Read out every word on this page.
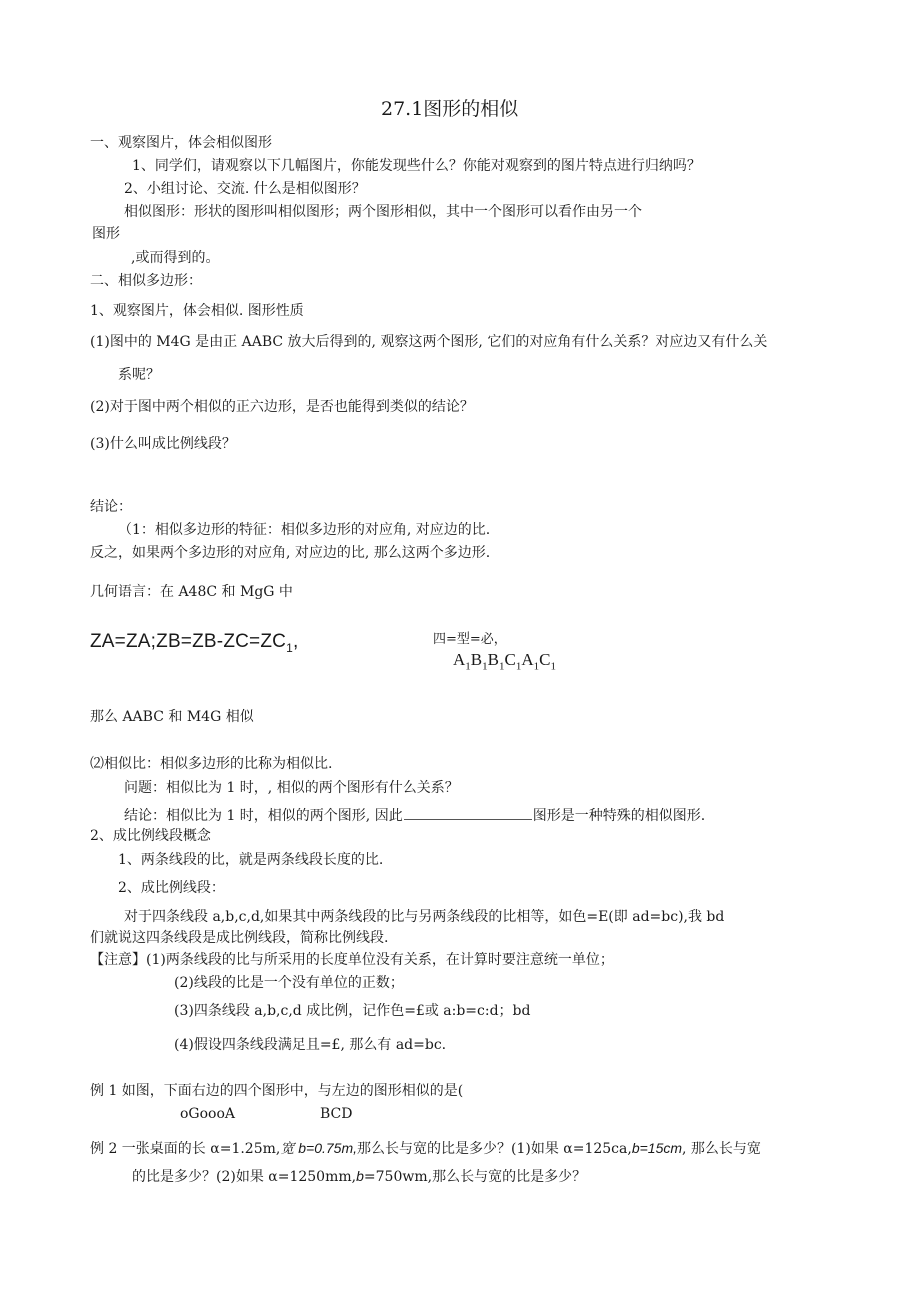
27.1图形的相似
一、观察图片，体会相似图形
1、同学们，请观察以下几幅图片，你能发现些什么？你能对观察到的图片特点进行归纳吗？
2、小组讨论、交流. 什么是相似图形？
相似图形：形状的图形叫相似图形；两个图形相似，其中一个图形可以看作由另一个
图形
,或而得到的。
二、相似多边形：
1、观察图片，体会相似. 图形性质
(1)图中的 M4G 是由正 AABC 放大后得到的, 观察这两个图形, 它们的对应角有什么关系？对应边又有什么关
系呢？
(2)对于图中两个相似的正六边形，是否也能得到类似的结论？
(3)什么叫成比例线段？
结论：
（1：相似多边形的特征：相似多边形的对应角, 对应边的比.
反之，如果两个多边形的对应角, 对应边的比, 那么这两个多边形.
几何语言：在 A48C 和 MgG 中
$ZA=ZA;ZB=ZB-ZC=ZC_1$,	四=型=必，
$A_1B_1B_1C_1A_1C_1$
那么 AABC 和 M4G 相似
⑵相似比：相似多边形的比称为相似比.
问题：相似比为 1 时，, 相似的两个图形有什么关系？
结论：相似比为 1 时，相似的两个图形, 因此	图形是一种特殊的相似图形.
2、成比例线段概念
1、两条线段的比，就是两条线段长度的比.
2、成比例线段：
对于四条线段 a,b,c,d,如果其中两条线段的比与另两条线段的比相等，如色=E(即 ad=bc),我 bd
们就说这四条线段是成比例线段，简称比例线段.
【注意】(1)两条线段的比与所采用的长度单位没有关系，在计算时要注意统一单位；
(2)线段的比是一个没有单位的正数；
(3)四条线段 a,b,c,d 成比例，记作色=£或 a:b=c:d；bd
(4)假设四条线段满足且=£, 那么有 ad=bc.
例 1 如图，下面右边的四个图形中，与左边的图形相似的是(
oGoooA	BCD
例 2 一张桌面的长 α=1.25m,宽 b=0.75m,那么长与宽的比是多少？(1)如果 α=125ca,b=15cm, 那么长与宽
的比是多少？(2)如果 α=1250mm,b=750wm,那么长与宽的比是多少？
